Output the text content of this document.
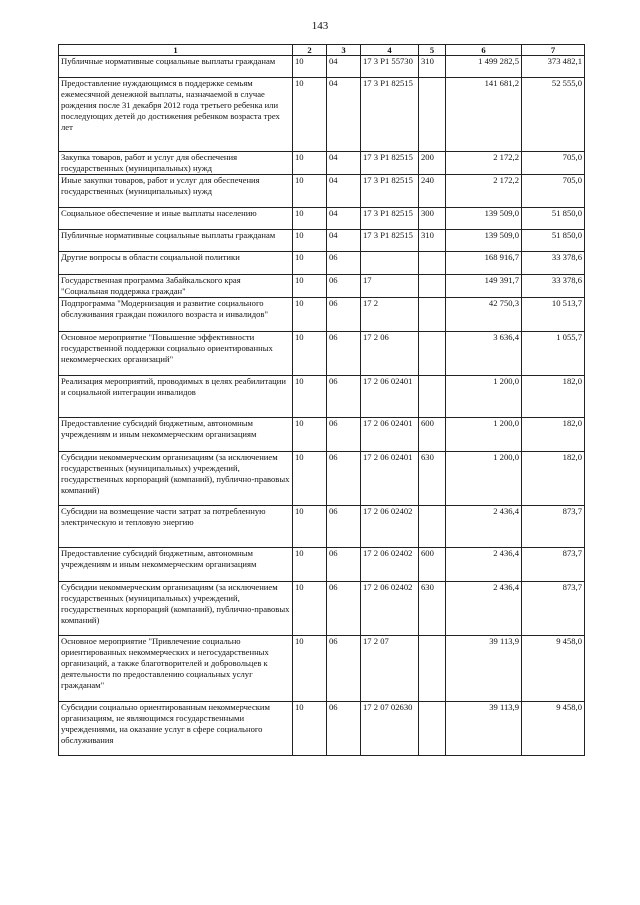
143
1	2	3	4	5	6	7
Публичные нормативные социальные выплаты гражданам	10	04	17 3 P1 55730	310	1 499 282,5	373 482,1
Предоставление нуждающимся в поддержке семьям ежемесячной денежной выплаты, назначаемой в случае рождения после 31 декабря 2012 года третьего ребенка или последующих детей до достижения ребенком возраста трех лет	10	04	17 3 P1 82515		141 681,2	52 555,0
Закупка товаров, работ и услуг для обеспечения государственных (муниципальных) нужд	10	04	17 3 P1 82515	200	2 172,2	705,0
Иные закупки товаров, работ и услуг для обеспечения государственных (муниципальных) нужд	10	04	17 3 P1 82515	240	2 172,2	705,0
Социальное обеспечение и иные выплаты населению	10	04	17 3 P1 82515	300	139 509,0	51 850,0
Публичные нормативные социальные выплаты гражданам	10	04	17 3 P1 82515	310	139 509,0	51 850,0
Другие вопросы в области социальной политики	10	06			168 916,7	33 378,6
Государственная программа Забайкальского края "Социальная поддержка граждан"	10	06	17		149 391,7	33 378,6
Подпрограмма "Модернизация и развитие социального обслуживания граждан пожилого возраста и инвалидов"	10	06	17 2		42 750,3	10 513,7
Основное мероприятие "Повышение эффективности государственной поддержки социально ориентированных некоммерческих организаций"	10	06	17 2 06		3 636,4	1 055,7
Реализация мероприятий, проводимых в целях реабилитации и социальной интеграции инвалидов	10	06	17 2 06 02401		1 200,0	182,0
Предоставление субсидий бюджетным, автономным учреждениям и иным некоммерческим организациям	10	06	17 2 06 02401	600	1 200,0	182,0
Субсидии некоммерческим организациям (за исключением государственных (муниципальных) учреждений, государственных корпораций (компаний), публично-правовых компаний)	10	06	17 2 06 02401	630	1 200,0	182,0
Субсидии на возмещение части затрат за потребленную электрическую и тепловую энергию	10	06	17 2 06 02402		2 436,4	873,7
Предоставление субсидий бюджетным, автономным учреждениям и иным некоммерческим организациям	10	06	17 2 06 02402	600	2 436,4	873,7
Субсидии некоммерческим организациям (за исключением государственных (муниципальных) учреждений, государственных корпораций (компаний), публично-правовых компаний)	10	06	17 2 06 02402	630	2 436,4	873,7
Основное мероприятие "Привлечение социально ориентированных некоммерческих и негосударственных организаций, а также благотворителей и добровольцев к деятельности по предоставлению социальных услуг гражданам"	10	06	17 2 07		39 113,9	9 458,0
Субсидии социально ориентированным некоммерческим организациям, не являющимся государственными учреждениями, на оказание услуг в сфере социального обслуживания	10	06	17 2 07 02630		39 113,9	9 458,0
